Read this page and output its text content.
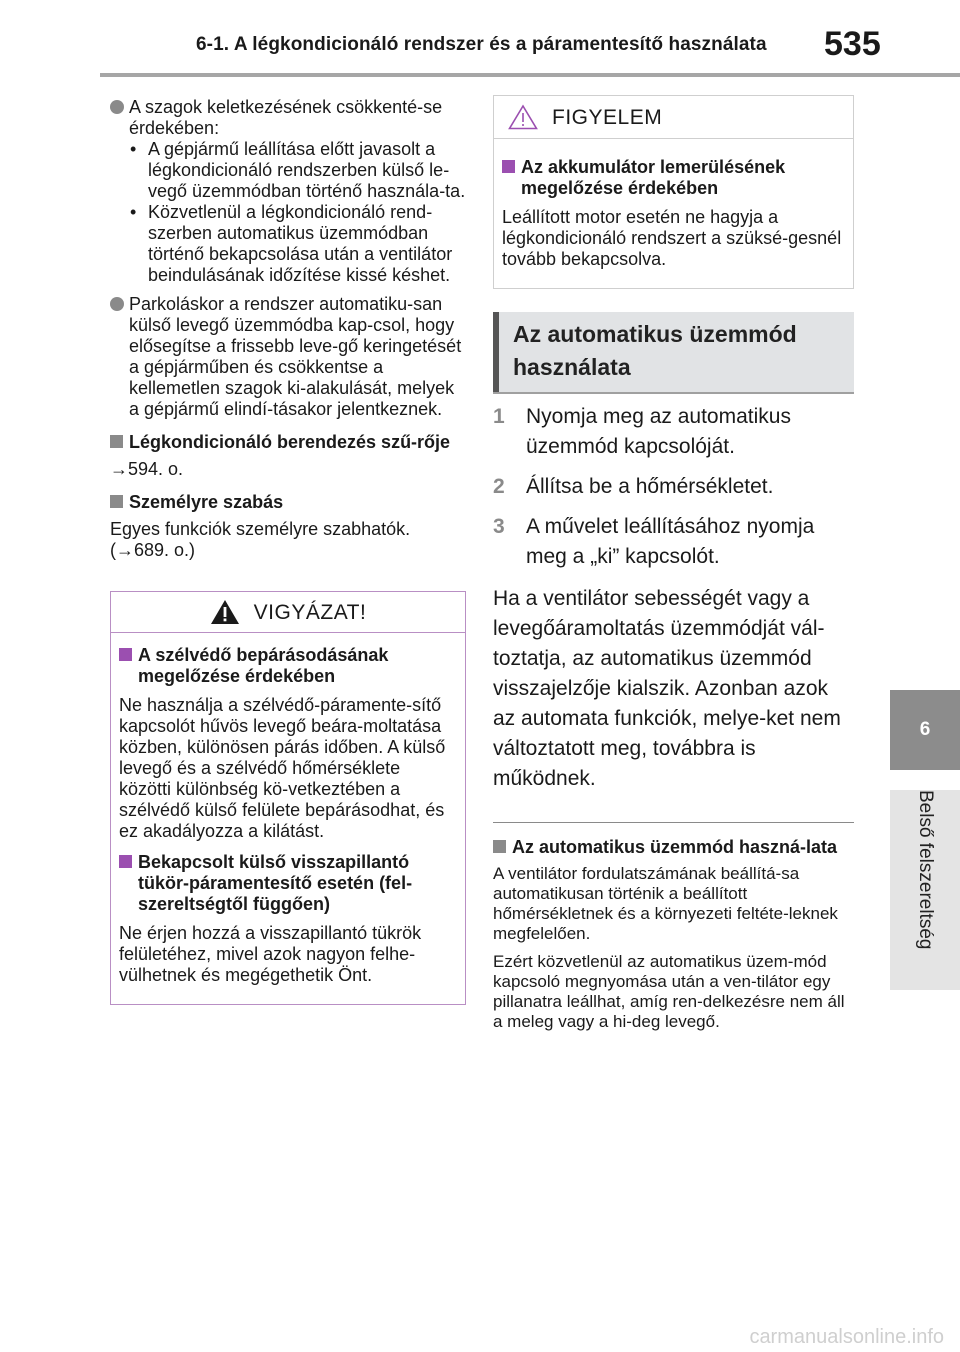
6-1. A légkondicionáló rendszer és a páramentesítő használata 535
6
Belső felszereltség
A szagok keletkezésének csökkenté-se érdekében:
• A gépjármű leállítása előtt javasolt a légkondicionáló rendszerben külső le-vegő üzemmódban történő használa-ta.
• Közvetlenül a légkondicionáló rend-szerben automatikus üzemmódban történő bekapcsolása után a ventilátor beindulásának időzítése kissé késhet.
Parkoláskor a rendszer automatiku-san külső levegő üzemmódba kap-csol, hogy elősegítse a frissebb leve-gő keringetését a gépjárműben és csökkentse a kellemetlen szagok ki-alakulását, melyek a gépjármű elindí-tásakor jelentkeznek.
Légkondicionáló berendezés szű-rője

→594. o.

Személyre szabás

Egyes funkciók személyre szabhatók. (→689. o.)

VIGYÁZAT!
A szélvédő bepárásodásának megelőzése érdekében

Ne használja a szélvédő-páramente-sítő kapcsolót hűvös levegő beára-moltatása közben, különösen párás időben. A külső levegő és a szélvédő hőmérséklete közötti különbség kö-vetkeztében a szélvédő külső felülete bepárásodhat, és ez akadályozza a kilátást.

Bekapcsolt külső visszapillantó tükör-páramentesítő esetén (fel-szereltségtől függően)

Ne érjen hozzá a visszapillantó tükrök felületéhez, mivel azok nagyon felhe-vülhetnek és megégethetik Önt.

FIGYELEM
Az akkumulátor lemerülésének megelőzése érdekében

Leállított motor esetén ne hagyja a légkondicionáló rendszert a szüksé-gesnél tovább bekapcsolva.

Az automatikus üzemmód használata
1 Nyomja meg az automatikus üzemmód kapcsolóját.
2 Állítsa be a hőmérsékletet.
3 A művelet leállításához nyomja meg a „ki” kapcsolót.

Ha a ventilátor sebességét vagy a levegőáramoltatás üzemmódját vál-toztatja, az automatikus üzemmód visszajelzője kialszik. Azonban azok az automata funkciók, melye-ket nem változtatott meg, továbbra is működnek.

Az automatikus üzemmód haszná-lata

A ventilátor fordulatszámának beállítá-sa automatikusan történik a beállított hőmérsékletnek és a környezeti feltéte-leknek megfelelően.

Ezért közvetlenül az automatikus üzem-mód kapcsoló megnyomása után a ven-tilátor egy pillanatra leállhat, amíg ren-delkezésre nem áll a meleg vagy a hi-deg levegő.

carmanualsonline.info
